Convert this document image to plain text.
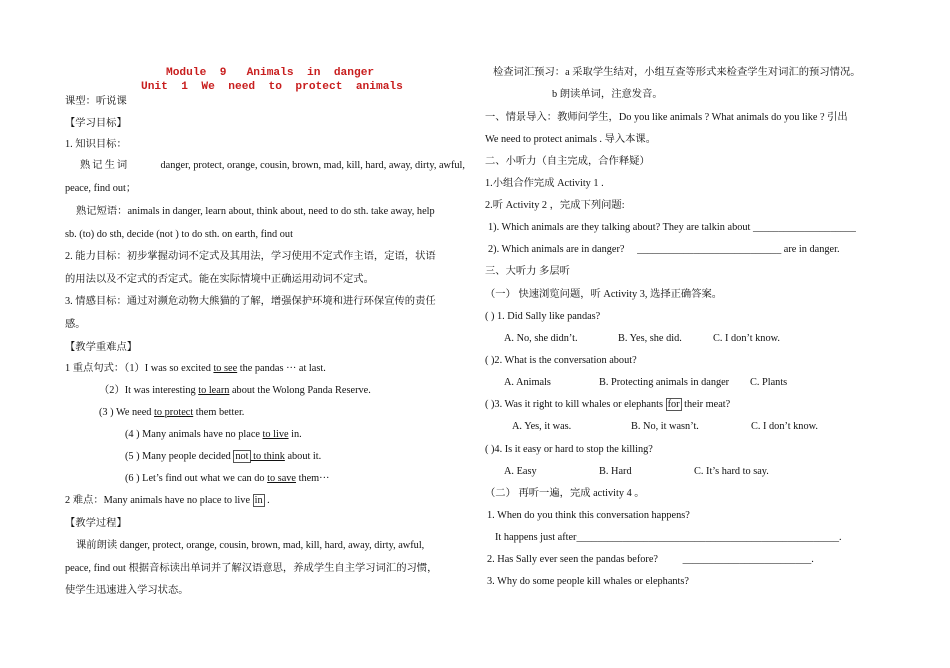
Module  9   Animals  in  danger
Unit  1  We  need  to  protect  animals
课型：听说课
【学习目标】
1. 知识目标：
熟记生词	danger, protect, orange, cousin, brown, mad, kill, hard, away, dirty, awful,
peace, find out；
熟记短语：animals in danger, learn about, think about, need to do sth. take away, help
sb. (to) do sth, decide (not ) to do sth. on earth, find out
2. 能力目标：初步掌握动词不定式及其用法，学习使用不定式作主语，定语，状语
的用法以及不定式的否定式。能在实际情境中正确运用动词不定式。
3. 情感目标：通过对濒危动物大熊猫的了解，增强保护环境和进行环保宣传的责任
感。
【教学重难点】
1 重点句式：（1）I was so excited to see the pandas ··· at last.
（2）It was interesting to learn about the Wolong Panda Reserve.
(3 ) We need to protect them better.
(4 ) Many animals have no place to live in.
(5 ) Many people decided not to think about it.
(6 ) Let’s find out what we can do to save them···
2 难点：Many animals have no place to live in .
【教学过程】
课前朗读 danger, protect, orange, cousin, brown, mad, kill, hard, away, dirty, awful,
peace, find out 根据音标读出单词并了解汉语意思，养成学生自主学习词汇的习惯，
使学生迅速进入学习状态。
检查词汇预习：a 采取学生结对，小组互查等形式来检查学生对词汇的预习情况。
b 朗读单词，注意发音。
一、情景导入：教师问学生，Do you like animals ? What animals do you like ? 引出
We need to protect animals . 导入本课。
二、小听力（自主完成，合作释疑）
1.小组合作完成 Activity 1 .
2.听 Activity 2 ，完成下列问题:
1). Which animals are they talking about? They are talkin about ____________________
2). Which animals are in danger? ____________________________ are in danger.
三、大听力 多层听
（一） 快速浏览问题，听 Activity 3, 选择正确答案。
( ) 1. Did Sally like pandas?
A. No, she didn’t.	B. Yes, she did.	C. I don’t know.
( )2. What is the conversation about?
A. Animals	B. Protecting animals in danger C. Plants
( )3. Was it right to kill whales or elephants for their meat?
A. Yes, it was.	B. No, it wasn’t.	C. I don’t know.
( )4. Is it easy or hard to stop the killing?
A. Easy	B. Hard	C. It’s hard to say.
（二） 再听一遍，完成 activity 4 。
1. When do you think this conversation happens?
It happens just after___________________________________________________.
2. Has Sally ever seen the pandas before? _________________________.
3. Why do some people kill whales or elephants?
